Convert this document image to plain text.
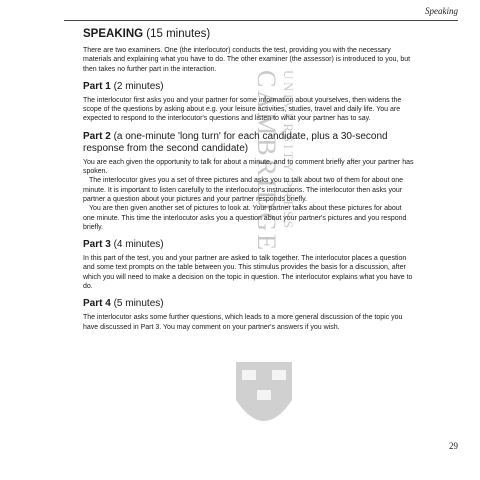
Speaking
CAMBRIDGE UNIVERSITY PRESS
SPEAKING (15 minutes)

There are two examiners. One (the interlocutor) conducts the test, providing you with the necessary materials and explaining what you have to do. The other examiner (the assessor) is introduced to you, but then takes no further part in the interaction.

Part 1 (2 minutes)

The interlocutor first asks you and your partner for some information about yourselves, then widens the scope of the questions by asking about e.g. your leisure activities, studies, travel and daily life. You are expected to respond to the interlocutor's questions and listen to what your partner has to say.

Part 2 (a one-minute 'long turn' for each candidate, plus a 30-second response from the second candidate)

You are each given the opportunity to talk for about a minute, and to comment briefly after your partner has spoken.

The interlocutor gives you a set of three pictures and asks you to talk about two of them for about one minute. It is important to listen carefully to the interlocutor's instructions. The interlocutor then asks your partner a question about your pictures and your partner responds briefly.

You are then given another set of pictures to look at. Your partner talks about these pictures for about one minute. This time the interlocutor asks you a question about your partner's pictures and you respond briefly.

Part 3 (4 minutes)

In this part of the test, you and your partner are asked to talk together. The interlocutor places a question and some text prompts on the table between you. This stimulus provides the basis for a discussion, after which you will need to make a decision on the topic in question. The interlocutor explains what you have to do.

Part 4 (5 minutes)

The interlocutor asks some further questions, which leads to a more general discussion of the topic you have discussed in Part 3. You may comment on your partner's answers if you wish.

29
